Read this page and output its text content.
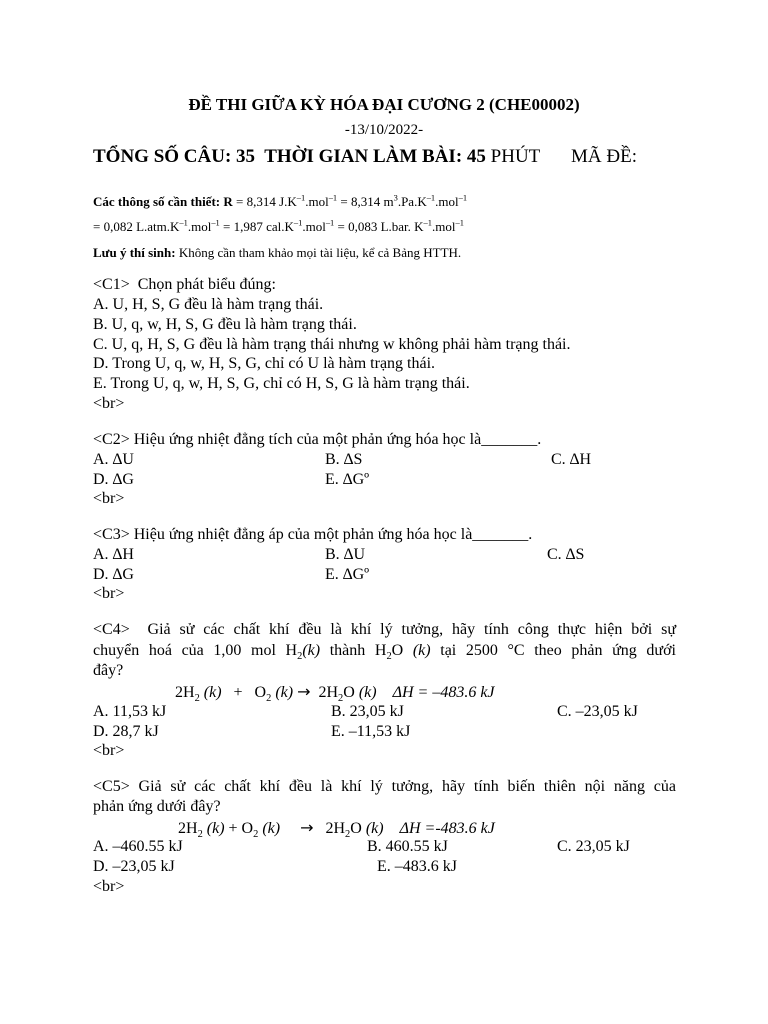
ĐỀ THI GIỮA KỲ HÓA ĐẠI CƯƠNG 2 (CHE00002)
-13/10/2022-
TỔNG SỐ CÂU: 35 THỜI GIAN LÀM BÀI: 45 PHÚT MÃ ĐỀ:
Các thông số cần thiết: R = 8,314 $J.K^{-1}.mol^{-1} = 8,314$ $m^3.Pa.K^{-1}.mol^{-1}$
= 0,082 $L.atm.K^{-1}.mol^{-1} = 1,987$ $cal.K^{-1}.mol^{-1} = 0,083$ L.bar. $K^{-1}.mol^{-1}$
Lưu ý thí sinh: Không cần tham khảo mọi tài liệu, kể cả Bảng HTTH.
<C1> Chọn phát biểu đúng:
A. U, H, S, G đều là hàm trạng thái.
B. U, q, w, H, S, G đều là hàm trạng thái.
C. U, q, H, S, G đều là hàm trạng thái nhưng w không phải hàm trạng thái.
D. Trong U, q, w, H, S, G, chỉ có U là hàm trạng thái.
E. Trong U, q, w, H, S, G, chỉ có H, S, G là hàm trạng thái.
<br>
<C2> Hiệu ứng nhiệt đẳng tích của một phản ứng hóa học là_______.
A. ∆U	B. ∆S	C. ∆H
D. ∆G	E. ∆Gº
<br>
<C3> Hiệu ứng nhiệt đẳng áp của một phản ứng hóa học là_______.
A. ∆H	B. ∆U	C. ∆S
D. ∆G	E. ∆Gº
<br>
<C4> Giả sử các chất khí đều là khí lý tưởng, hãy tính công thực hiện bởi sự
chuyển hoá của 1,00 mol $H_2(k)$ thành $H_2O$ (k) tại 2500 °C theo phản ứng dưới
đây?
$2H_2$ $(k) + O_2$ $(k) \to 2H_2O$ (k) ΔH = –483.6 kJ
A. 11,53 kJ	B. 23,05 kJ	C. –23,05 kJ
D. 28,7 kJ	E. –11,53 kJ
<br>
<C5> Giả sử các chất khí đều là khí lý tưởng, hãy tính biến thiên nội năng của
phản ứng dưới đây?
$2H_2$ $(k) + O_2$ $(k) \to 2H_2O$ (k) ΔH =-483.6 kJ
A. –460.55 kJ	B. 460.55 kJ	C. 23,05 kJ
D. –23,05 kJ	E. –483.6 kJ
<br>
